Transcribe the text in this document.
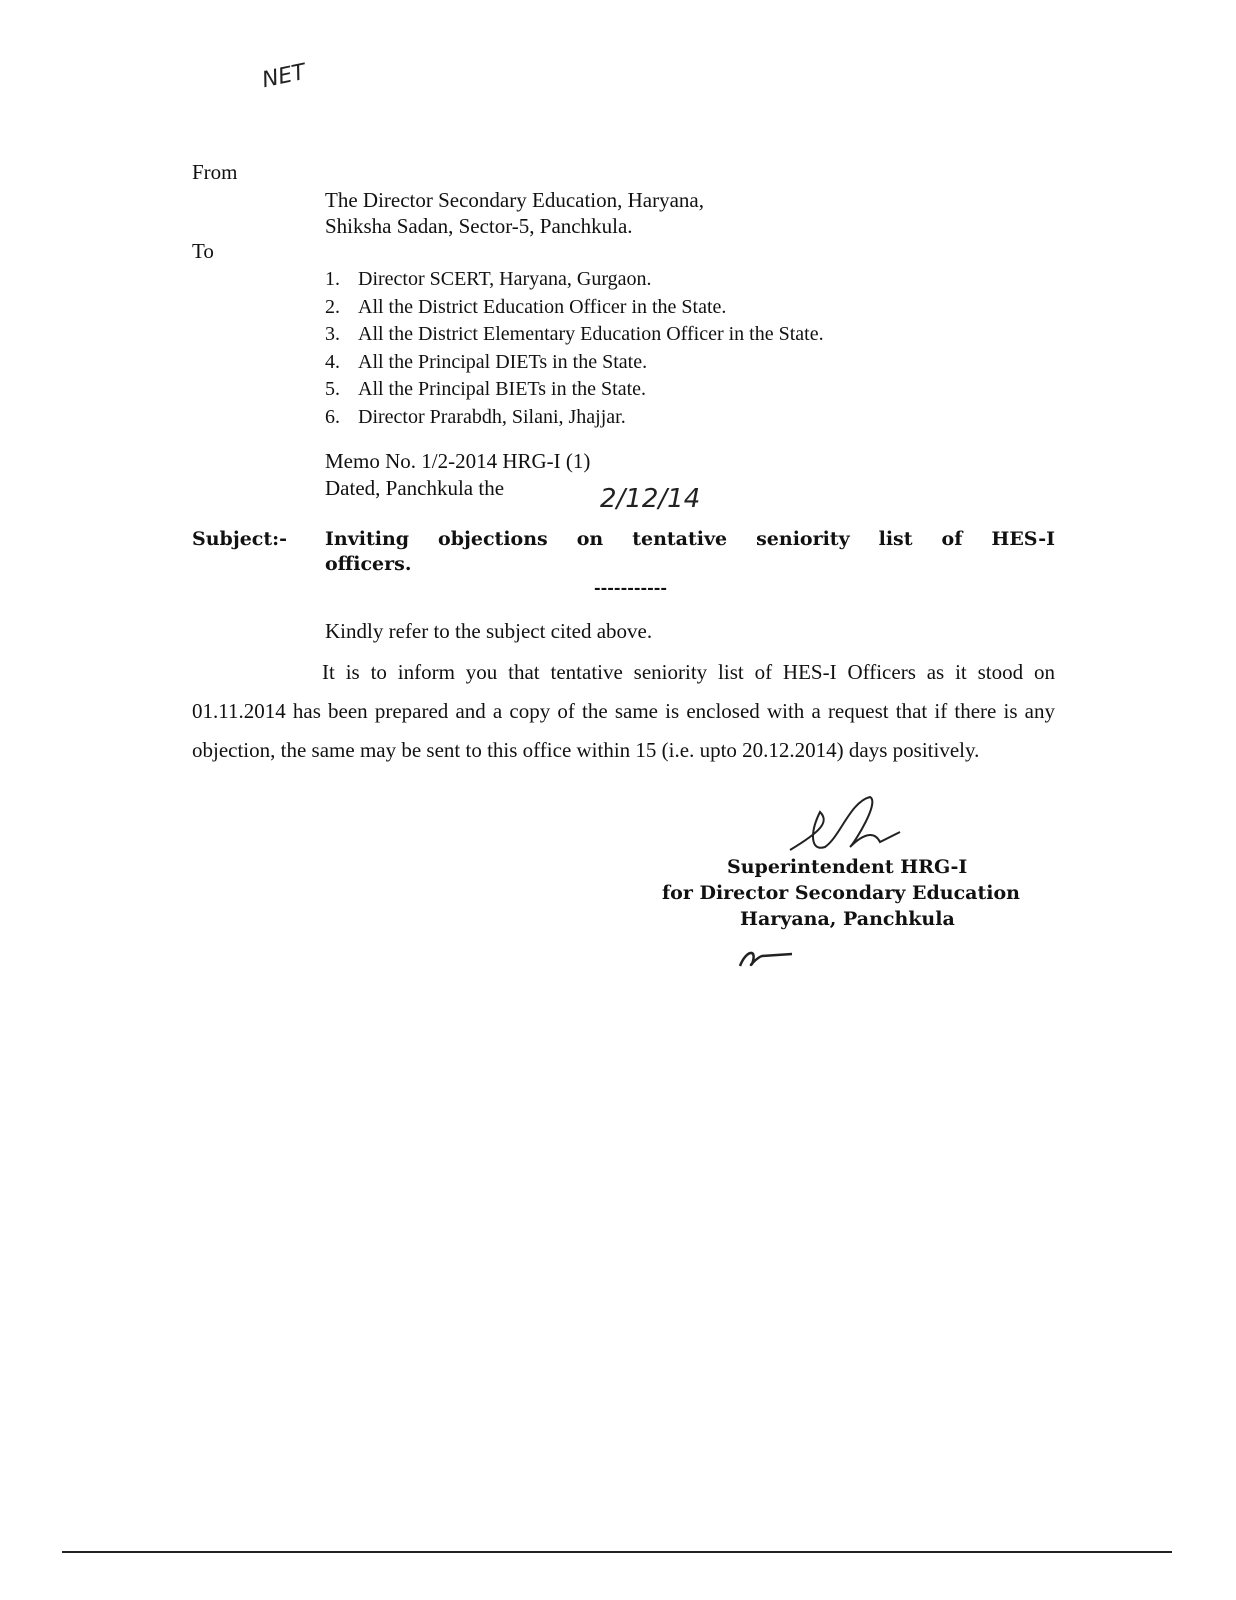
NET
From
The Director Secondary Education, Haryana,
Shiksha Sadan, Sector-5, Panchkula.
To
1. Director SCERT, Haryana, Gurgaon.
2. All the District Education Officer in the State.
3. All the District Elementary Education Officer in the State.
4. All the Principal DIETs in the State.
5. All the Principal BIETs in the State.
6. Director Prarabdh, Silani, Jhajjar.
Memo No. 1/2-2014 HRG-I (1)
Dated, Panchkula the	2/12/14
Subject:- Inviting objections on tentative seniority list of HES-I
officers.
-----------
Kindly refer to the subject cited above.
It is to inform you that tentative seniority list of HES-I Officers as it stood on 01.11.2014 has been prepared and a copy of the same is enclosed with a request that if there is any objection, the same may be sent to this office within 15 (i.e. upto 20.12.2014) days positively.
Superintendent HRG-I
for Director Secondary Education
Haryana, Panchkula
